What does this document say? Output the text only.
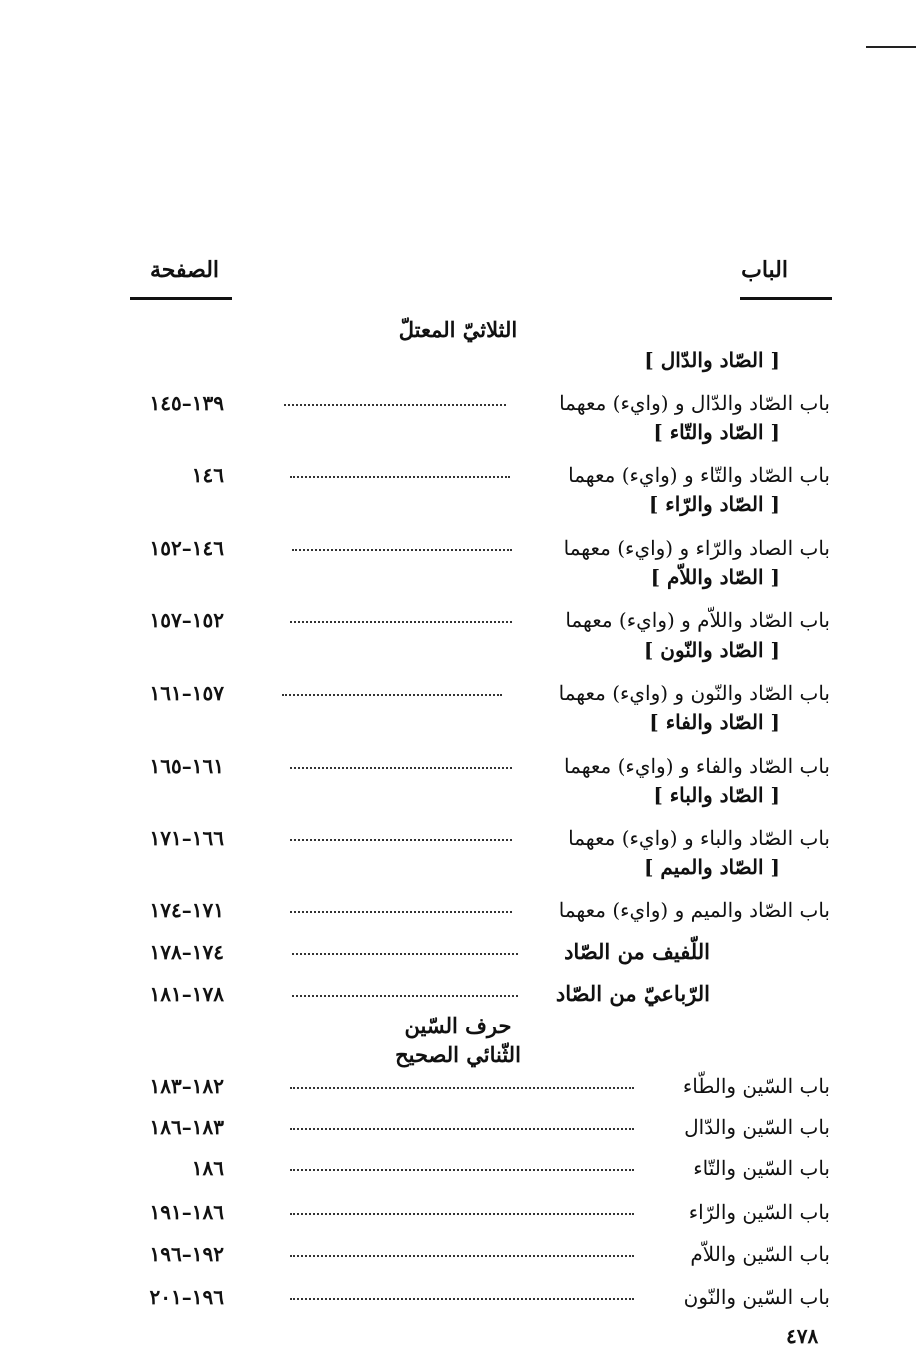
الباب
الصفحة
الثلاثيّ المعتلّ
[ الصّاد والدّال ]
باب الصّاد والدّال و (وايء) معهما
١٣٩–١٤٥
[ الصّاد والتّاء ]
باب الصّاد والتّاء و (وايء) معهما
١٤٦
[ الصّاد والرّاء ]
باب الصاد والرّاء و (وايء) معهما
١٤٦–١٥٢
[ الصّاد واللاّم ]
باب الصّاد واللاّم و (وايء) معهما
١٥٢–١٥٧
[ الصّاد والنّون ]
باب الصّاد والنّون و (وايء) معهما
١٥٧–١٦١
[ الصّاد والفاء ]
باب الصّاد والفاء و (وايء) معهما
١٦١–١٦٥
[ الصّاد والباء ]
باب الصّاد والباء و (وايء) معهما
١٦٦–١٧١
[ الصّاد والميم ]
باب الصّاد والميم و (وايء) معهما
١٧١–١٧٤
اللّفيف من الصّاد
١٧٤–١٧٨
الرّباعيّ من الصّاد
١٧٨–١٨١
حرف السّين
الثّنائي الصحيح
باب السّين والطّاء
١٨٢–١٨٣
باب السّين والدّال
١٨٣–١٨٦
باب السّين والتّاء
١٨٦
باب السّين والرّاء
١٨٦–١٩١
باب السّين واللاّم
١٩٢–١٩٦
باب السّين والنّون
١٩٦–٢٠١
٤٧٨
